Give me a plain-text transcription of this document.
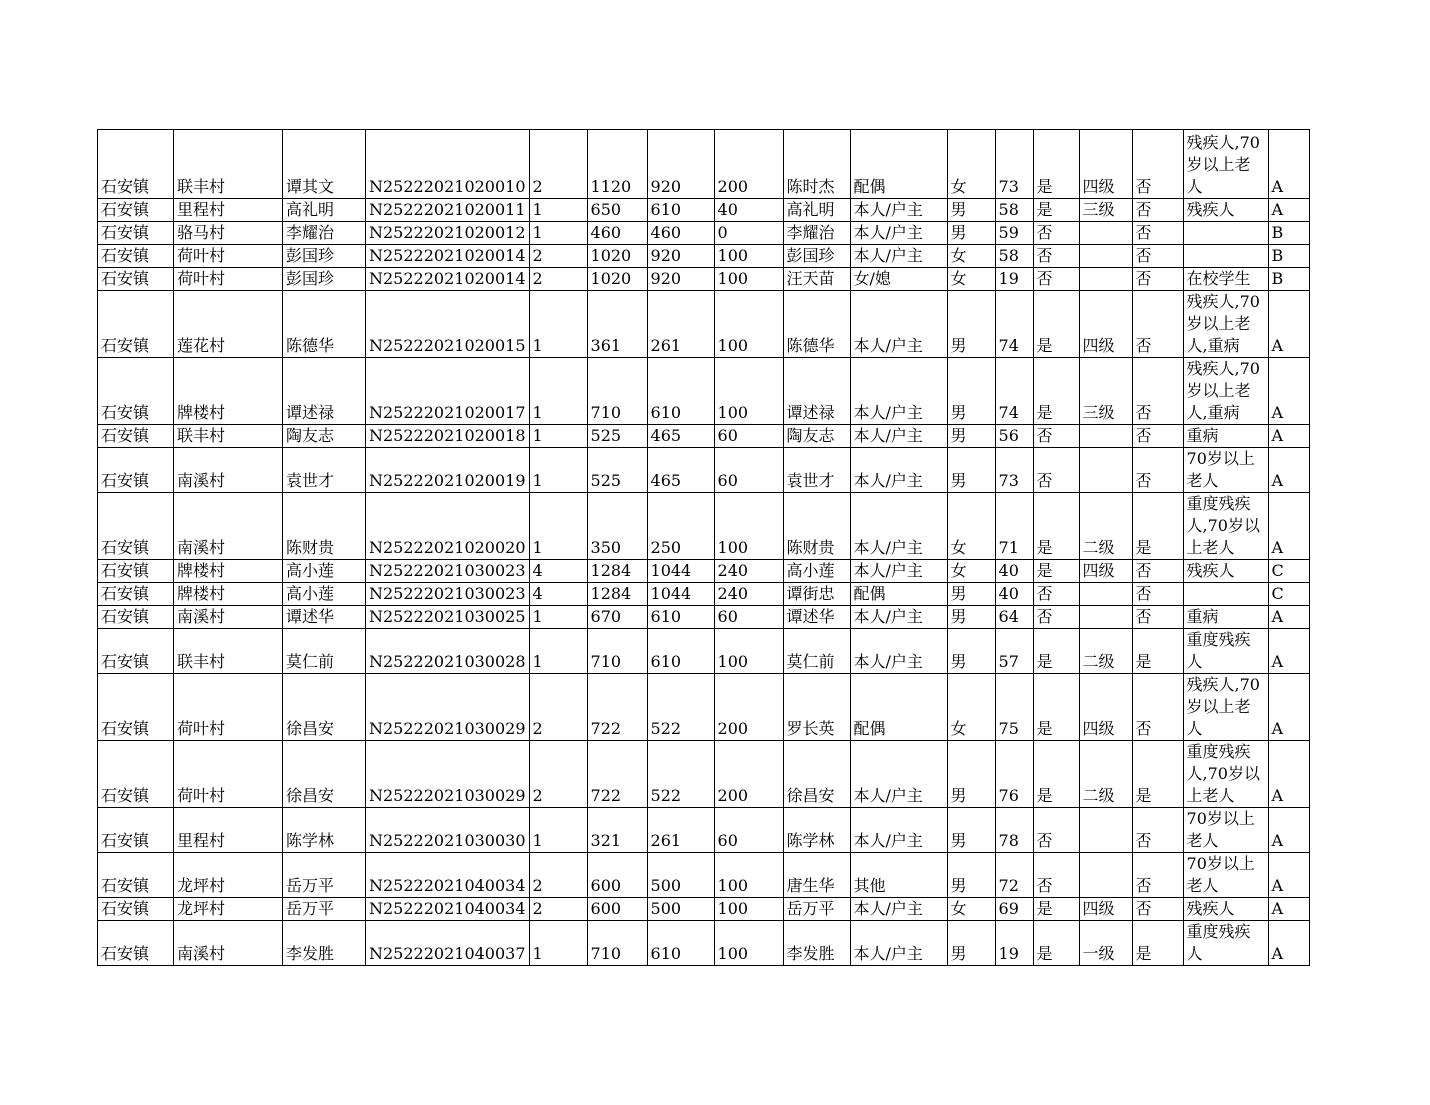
石安镇	联丰村	谭其文	N25222021020010	2	1120	920	200	陈时杰	配偶	女	73	是	四级	否	残疾人,70岁以上老人	A
石安镇	里程村	高礼明	N25222021020011	1	650	610	40	高礼明	本人/户主	男	58	是	三级	否	残疾人	A
石安镇	骆马村	李耀治	N25222021020012	1	460	460	0	李耀治	本人/户主	男	59	否		否		B
石安镇	荷叶村	彭国珍	N25222021020014	2	1020	920	100	彭国珍	本人/户主	女	58	否		否		B
石安镇	荷叶村	彭国珍	N25222021020014	2	1020	920	100	汪天苗	女/媳	女	19	否		否	在校学生	B
石安镇	莲花村	陈德华	N25222021020015	1	361	261	100	陈德华	本人/户主	男	74	是	四级	否	残疾人,70岁以上老人,重病	A
石安镇	牌楼村	谭述禄	N25222021020017	1	710	610	100	谭述禄	本人/户主	男	74	是	三级	否	残疾人,70岁以上老人,重病	A
石安镇	联丰村	陶友志	N25222021020018	1	525	465	60	陶友志	本人/户主	男	56	否		否	重病	A
石安镇	南溪村	袁世才	N25222021020019	1	525	465	60	袁世才	本人/户主	男	73	否		否	70岁以上老人	A
石安镇	南溪村	陈财贵	N25222021020020	1	350	250	100	陈财贵	本人/户主	女	71	是	二级	是	重度残疾人,70岁以上老人	A
石安镇	牌楼村	高小莲	N25222021030023	4	1284	1044	240	高小莲	本人/户主	女	40	是	四级	否	残疾人	C
石安镇	牌楼村	高小莲	N25222021030023	4	1284	1044	240	谭街忠	配偶	男	40	否		否		C
石安镇	南溪村	谭述华	N25222021030025	1	670	610	60	谭述华	本人/户主	男	64	否		否	重病	A
石安镇	联丰村	莫仁前	N25222021030028	1	710	610	100	莫仁前	本人/户主	男	57	是	二级	是	重度残疾人	A
石安镇	荷叶村	徐昌安	N25222021030029	2	722	522	200	罗长英	配偶	女	75	是	四级	否	残疾人,70岁以上老人	A
石安镇	荷叶村	徐昌安	N25222021030029	2	722	522	200	徐昌安	本人/户主	男	76	是	二级	是	重度残疾人,70岁以上老人	A
石安镇	里程村	陈学林	N25222021030030	1	321	261	60	陈学林	本人/户主	男	78	否		否	70岁以上老人	A
石安镇	龙坪村	岳万平	N25222021040034	2	600	500	100	唐生华	其他	男	72	否		否	70岁以上老人	A
石安镇	龙坪村	岳万平	N25222021040034	2	600	500	100	岳万平	本人/户主	女	69	是	四级	否	残疾人	A
石安镇	南溪村	李发胜	N25222021040037	1	710	610	100	李发胜	本人/户主	男	19	是	一级	是	重度残疾人	A
